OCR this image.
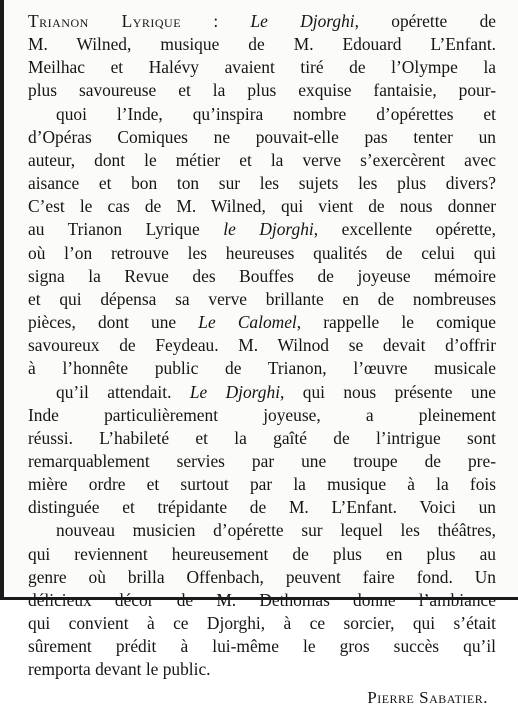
Trianon Lyrique : Le Djorghi, opérette de
M. Wilned, musique de M. Edouard L’Enfant.
Meilhac et Halévy avaient tiré de l’Olympe la
plus savoureuse et la plus exquise fantaisie, pour-
quoi l’Inde, qu’inspira nombre d’opérettes et
d’Opéras Comiques ne pouvait-elle pas tenter un
auteur, dont le métier et la verve s’exercèrent avec
aisance et bon ton sur les sujets les plus divers?
C’est le cas de M. Wilned, qui vient de nous donner
au Trianon Lyrique le Djorghi, excellente opérette,
où l’on retrouve les heureuses qualités de celui qui
signa la Revue des Bouffes de joyeuse mémoire
et qui dépensa sa verve brillante en de nombreuses
pièces, dont une Le Calomel, rappelle le comique
savoureux de Feydeau. M. Wilnod se devait d’offrir
à l’honnête public de Trianon, l’œuvre musicale
qu’il attendait. Le Djorghi, qui nous présente une
Inde particulièrement joyeuse, a pleinement
réussi. L’habileté et la gaîté de l’intrigue sont
remarquablement servies par une troupe de pre-
mière ordre et surtout par la musique à la fois
distinguée et trépidante de M. L’Enfant. Voici un
nouveau musicien d’opérette sur lequel les théâtres,
qui reviennent heureusement de plus en plus au
genre où brilla Offenbach, peuvent faire fond. Un
qui convient à ce Djorghi, à ce sorcier, qui s’était
sûrement prédit à lui-même le gros succès qu’il
remporta devant le public.
Pierre Sabatier.
